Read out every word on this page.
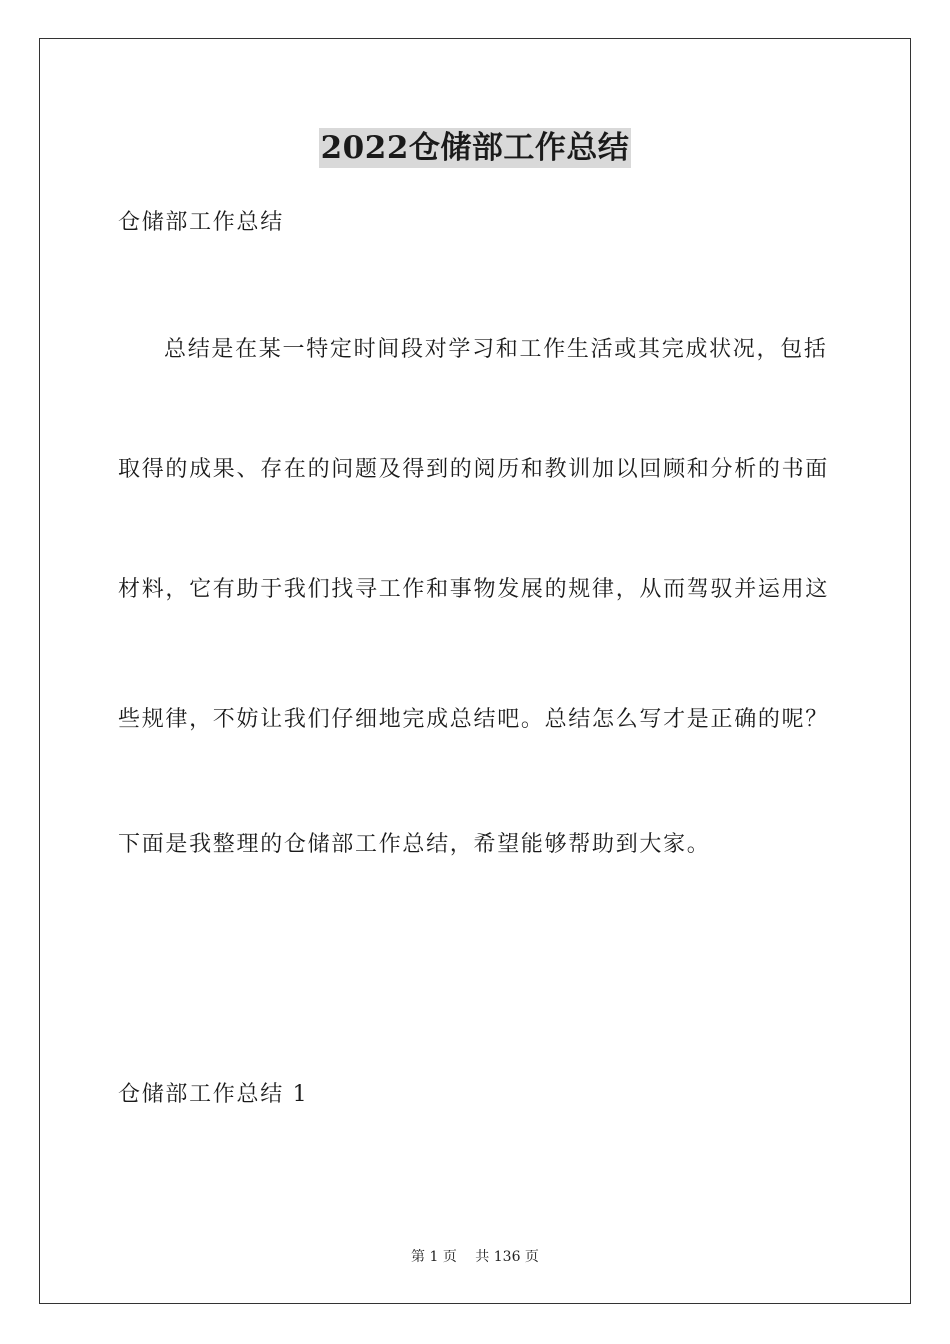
2022仓储部工作总结
仓储部工作总结
总结是在某一特定时间段对学习和工作生活或其完成状况，包括
取得的成果、存在的问题及得到的阅历和教训加以回顾和分析的书面
材料，它有助于我们找寻工作和事物发展的规律，从而驾驭并运用这
些规律，不妨让我们仔细地完成总结吧。总结怎么写才是正确的呢？
下面是我整理的仓储部工作总结，希望能够帮助到大家。
仓储部工作总结 1
第 1 页　 共 136 页
